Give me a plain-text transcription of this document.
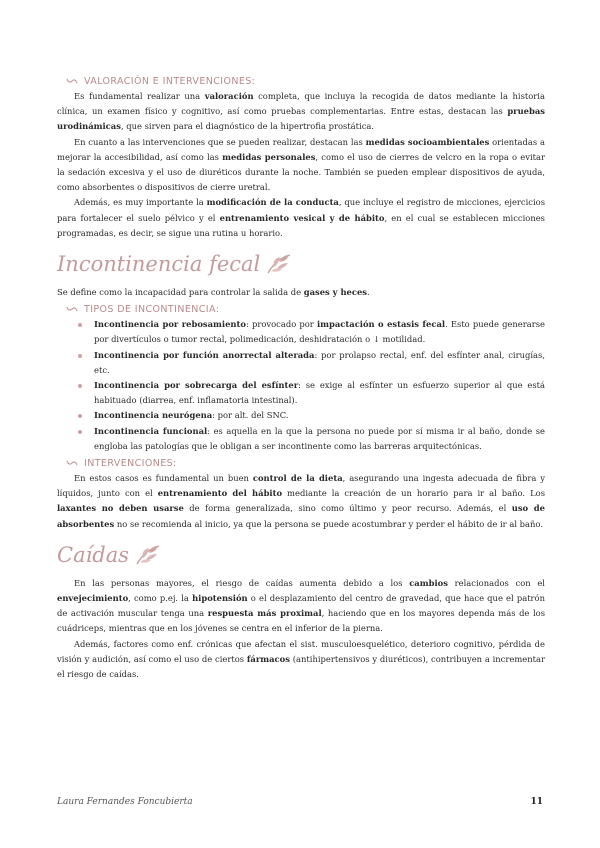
VALORACIÓN E INTERVENCIONES:

Es fundamental realizar una valoración completa, que incluya la recogida de datos mediante la historia clínica, un examen físico y cognitivo, así como pruebas complementarias. Entre estas, destacan las pruebas urodinámicas, que sirven para el diagnóstico de la hipertrofia prostática.

En cuanto a las intervenciones que se pueden realizar, destacan las medidas socioambientales orientadas a mejorar la accesibilidad, así como las medidas personales, como el uso de cierres de velcro en la ropa o evitar la sedación excesiva y el uso de diuréticos durante la noche. También se pueden emplear dispositivos de ayuda, como absorbentes o dispositivos de cierre uretral.

Además, es muy importante la modificación de la conducta, que incluye el registro de micciones, ejercicios para fortalecer el suelo pélvico y el entrenamiento vesical y de hábito, en el cual se establecen micciones programadas, es decir, se sigue una rutina u horario.

Incontinencia fecal

Se define como la incapacidad para controlar la salida de gases y heces.

TIPOS DE INCONTINENCIA:
Incontinencia por rebosamiento: provocado por impactación o estasis fecal. Esto puede generarse por divertículos o tumor rectal, polimedicación, deshidratación o ↓ motilidad.
Incontinencia por función anorrectal alterada: por prolapso rectal, enf. del esfínter anal, cirugías, etc.
Incontinencia por sobrecarga del esfínter: se exige al esfínter un esfuerzo superior al que está habituado (diarrea, enf. inflamatoria intestinal).
Incontinencia neurógena: por alt. del SNC.
Incontinencia funcional: es aquella en la que la persona no puede por sí misma ir al baño, donde se engloba las patologías que le obligan a ser incontinente como las barreras arquitectónicas.
INTERVENCIONES:

En estos casos es fundamental un buen control de la dieta, asegurando una ingesta adecuada de fibra y líquidos, junto con el entrenamiento del hábito mediante la creación de un horario para ir al baño. Los laxantes no deben usarse de forma generalizada, sino como último y peor recurso. Además, el uso de absorbentes no se recomienda al inicio, ya que la persona se puede acostumbrar y perder el hábito de ir al baño.

Caídas

En las personas mayores, el riesgo de caídas aumenta debido a los cambios relacionados con el envejecimiento, como p.ej. la hipotensión o el desplazamiento del centro de gravedad, que hace que el patrón de activación muscular tenga una respuesta más proximal, haciendo que en los mayores dependa más de los cuádriceps, mientras que en los jóvenes se centra en el inferior de la pierna.

Además, factores como enf. crónicas que afectan el sist. musculoesquelético, deterioro cognitivo, pérdida de visión y audición, así como el uso de ciertos fármacos (antihipertensivos y diuréticos), contribuyen a incrementar el riesgo de caídas.

Laura Fernandes Foncubierta	11
